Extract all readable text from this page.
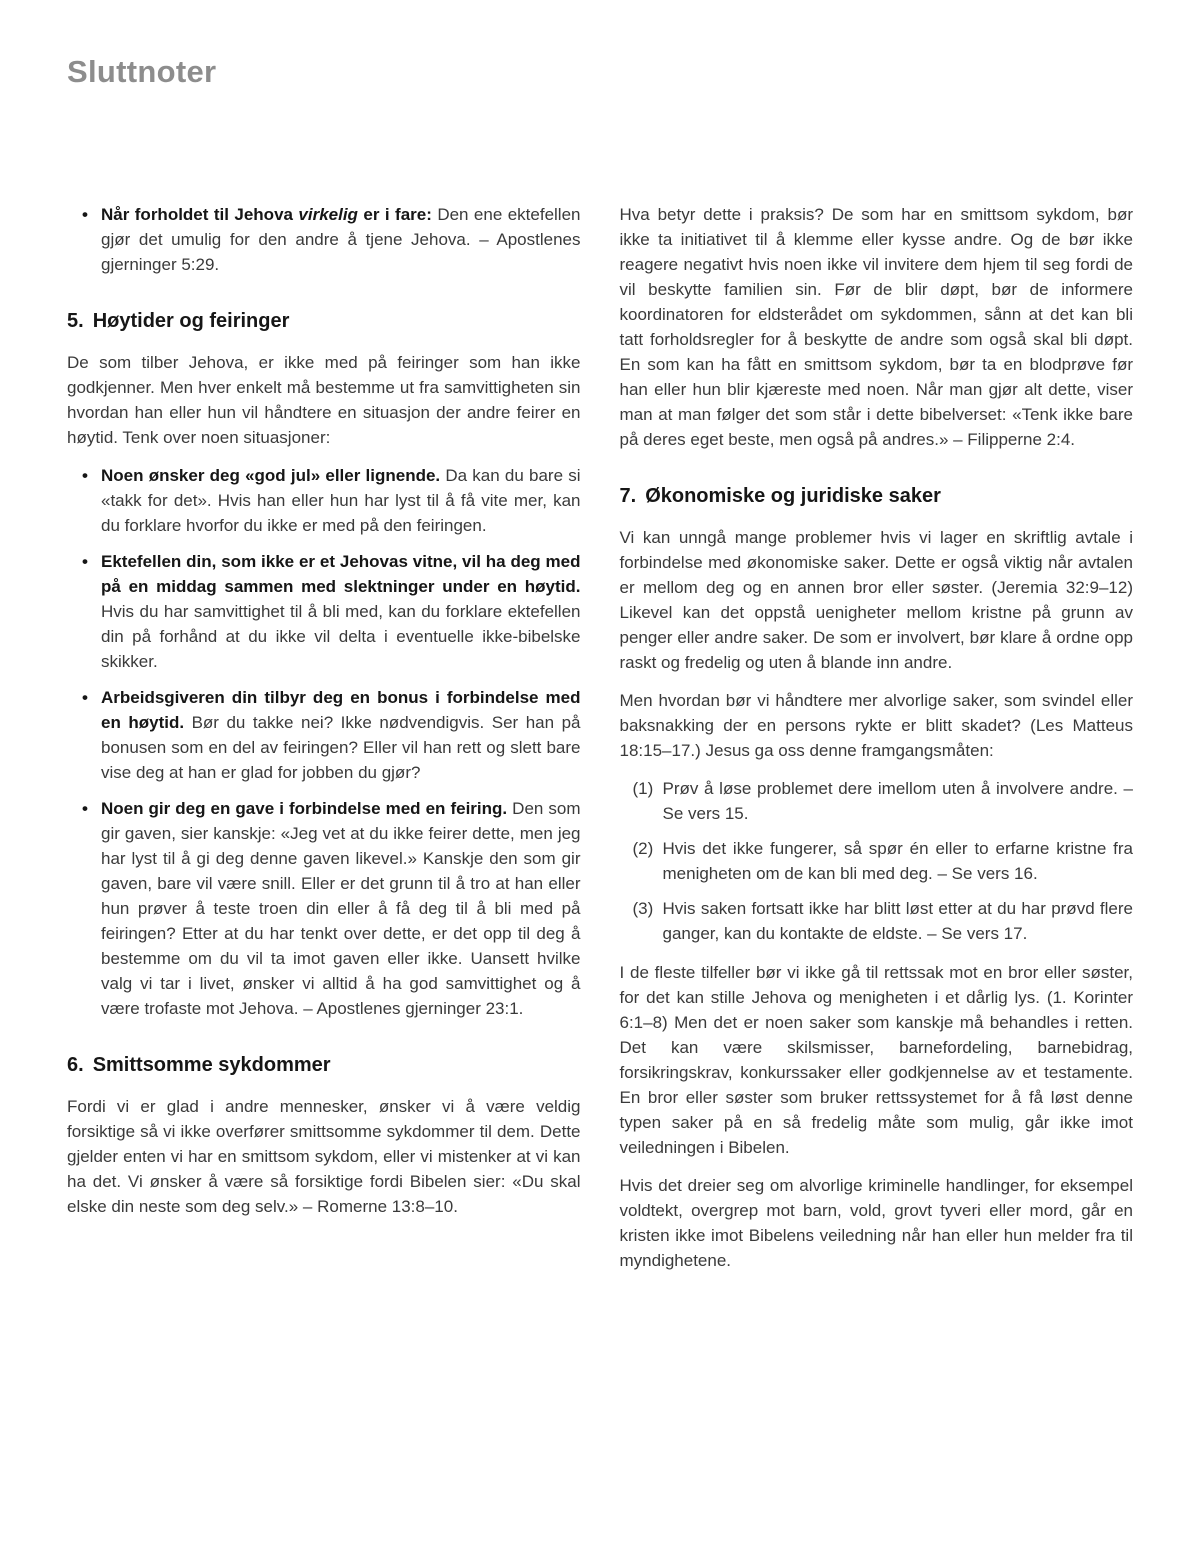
Sluttnoter
• Når forholdet til Jehova virkelig er i fare: Den ene ektefellen gjør det umulig for den andre å tjene Jehova. – Apostlenes gjerninger 5:29.
5. Høytider og feiringer

De som tilber Jehova, er ikke med på feiringer som han ikke godkjenner. Men hver enkelt må bestemme ut fra samvittigheten sin hvordan han eller hun vil håndtere en situasjon der andre feirer en høytid. Tenk over noen situasjoner:

• Noen ønsker deg «god jul» eller lignende. Da kan du bare si «takk for det». Hvis han eller hun har lyst til å få vite mer, kan du forklare hvorfor du ikke er med på den feiringen.
• Ektefellen din, som ikke er et Jehovas vitne, vil ha deg med på en middag sammen med slektninger under en høytid. Hvis du har samvittighet til å bli med, kan du forklare ektefellen din på forhånd at du ikke vil delta i eventuelle ikke-bibelske skikker.
• Arbeidsgiveren din tilbyr deg en bonus i forbindelse med en høytid. Bør du takke nei? Ikke nødvendigvis. Ser han på bonusen som en del av feiringen? Eller vil han rett og slett bare vise deg at han er glad for jobben du gjør?
• Noen gir deg en gave i forbindelse med en feiring. Den som gir gaven, sier kanskje: «Jeg vet at du ikke feirer dette, men jeg har lyst til å gi deg denne gaven likevel.» Kanskje den som gir gaven, bare vil være snill. Eller er det grunn til å tro at han eller hun prøver å teste troen din eller å få deg til å bli med på feiringen? Etter at du har tenkt over dette, er det opp til deg å bestemme om du vil ta imot gaven eller ikke. Uansett hvilke valg vi tar i livet, ønsker vi alltid å ha god samvittighet og å være trofaste mot Jehova. – Apostlenes gjerninger 23:1.
6. Smittsomme sykdommer

Fordi vi er glad i andre mennesker, ønsker vi å være veldig forsiktige så vi ikke overfører smittsomme sykdommer til dem. Dette gjelder enten vi har en smittsom sykdom, eller vi mistenker at vi kan ha det. Vi ønsker å være så forsiktige fordi Bibelen sier: «Du skal elske din neste som deg selv.» – Romerne 13:8–10.

Hva betyr dette i praksis? De som har en smittsom sykdom, bør ikke ta initiativet til å klemme eller kysse andre. Og de bør ikke reagere negativt hvis noen ikke vil invitere dem hjem til seg fordi de vil beskytte familien sin. Før de blir døpt, bør de informere koordinatoren for eldsterådet om sykdommen, sånn at det kan bli tatt forholdsregler for å beskytte de andre som også skal bli døpt. En som kan ha fått en smittsom sykdom, bør ta en blodprøve før han eller hun blir kjæreste med noen. Når man gjør alt dette, viser man at man følger det som står i dette bibelverset: «Tenk ikke bare på deres eget beste, men også på andres.» – Filipperne 2:4.

7. Økonomiske og juridiske saker

Vi kan unngå mange problemer hvis vi lager en skriftlig avtale i forbindelse med økonomiske saker. Dette er også viktig når avtalen er mellom deg og en annen bror eller søster. (Jeremia 32:9–12) Likevel kan det oppstå uenigheter mellom kristne på grunn av penger eller andre saker. De som er involvert, bør klare å ordne opp raskt og fredelig og uten å blande inn andre.

Men hvordan bør vi håndtere mer alvorlige saker, som svindel eller baksnakking der en persons rykte er blitt skadet? (Les Matteus 18:15–17.) Jesus ga oss denne framgangsmåten:

(1) Prøv å løse problemet dere imellom uten å involvere andre. – Se vers 15.
(2) Hvis det ikke fungerer, så spør én eller to erfarne kristne fra menigheten om de kan bli med deg. – Se vers 16.
(3) Hvis saken fortsatt ikke har blitt løst etter at du har prøvd flere ganger, kan du kontakte de eldste. – Se vers 17.

I de fleste tilfeller bør vi ikke gå til rettssak mot en bror eller søster, for det kan stille Jehova og menigheten i et dårlig lys. (1. Korinter 6:1–8) Men det er noen saker som kanskje må behandles i retten. Det kan være skilsmisser, barnefordeling, barnebidrag, forsikringskrav, konkurssaker eller godkjennelse av et testamente. En bror eller søster som bruker rettssystemet for å få løst denne typen saker på en så fredelig måte som mulig, går ikke imot veiledningen i Bibelen.

Hvis det dreier seg om alvorlige kriminelle handlinger, for eksempel voldtekt, overgrep mot barn, vold, grovt tyveri eller mord, går en kristen ikke imot Bibelens veiledning når han eller hun melder fra til myndighetene.
